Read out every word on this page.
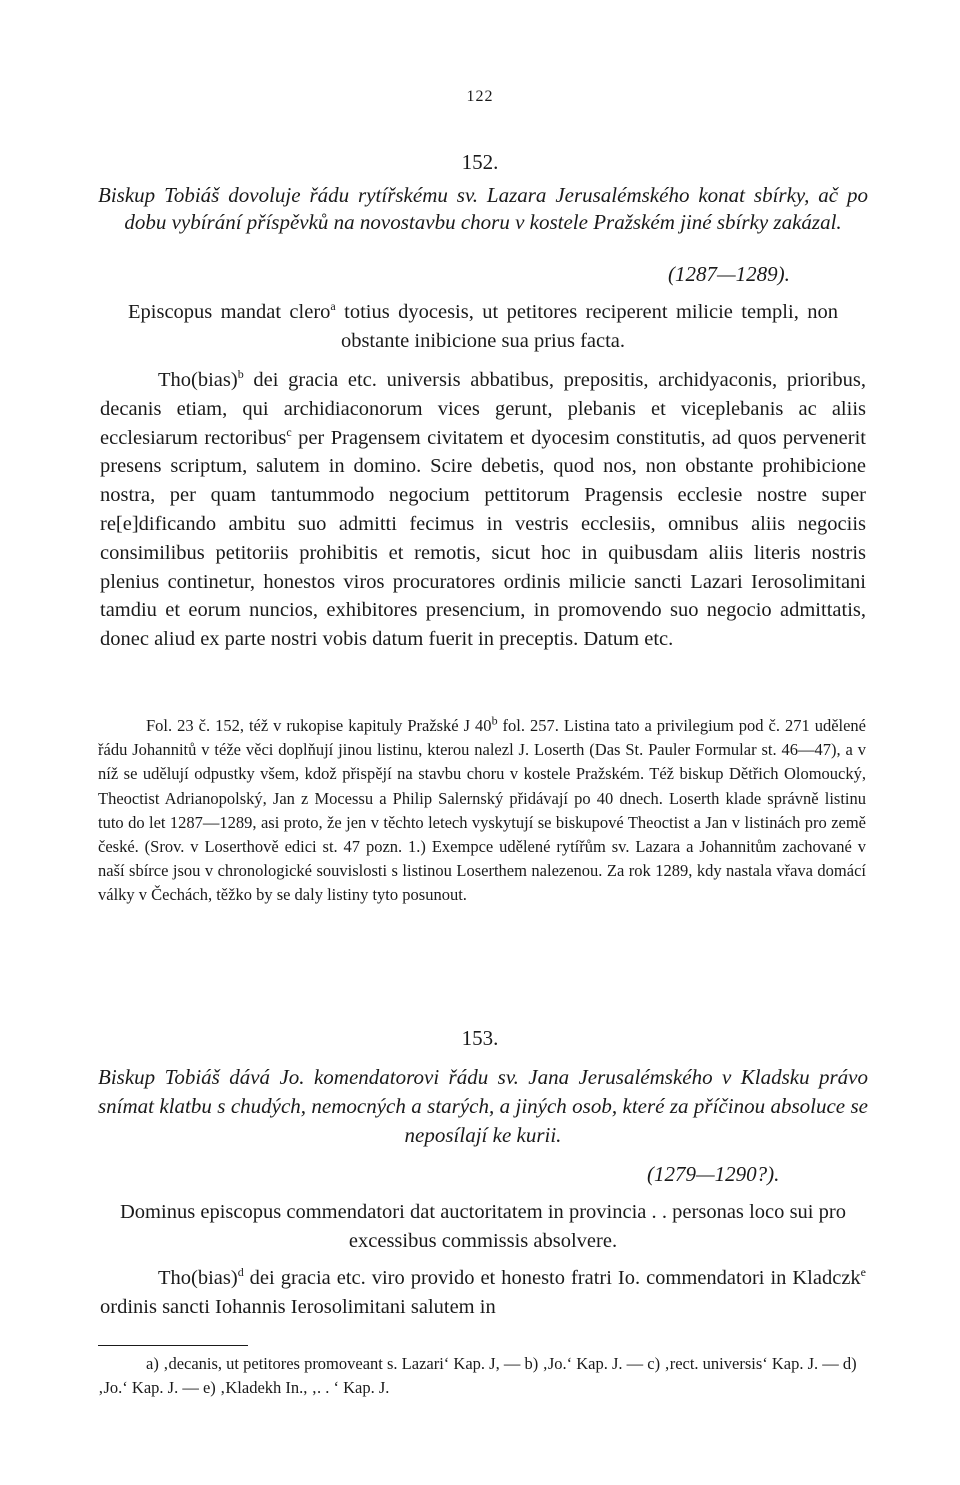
122
152.
Biskup Tobiáš dovoluje řádu rytířskému sv. Lazara Jerusalémského konat sbírky, ač po dobu vybírání příspěvků na novostavbu choru v kostele Pražském jiné sbírky zakázal.
(1287—1289).
Episcopus mandat clero$^a$ totius dyocesis, ut petitores reciperent milicie templi, non obstante inibicione sua prius facta.
Tho(bias)$^b$ dei gracia etc. universis abbatibus, prepositis, archidyaconis, prioribus, decanis etiam, qui archidiaconorum vices gerunt, plebanis et viceplebanis ac aliis ecclesiarum rectoribus$^c$ per Pragensem civitatem et dyocesim constitutis, ad quos pervenerit presens scriptum, salutem in domino. Scire debetis, quod nos, non obstante prohibicione nostra, per quam tantummodo negocium pettitorum Pragensis ecclesie nostre super re[e]dificando ambitu suo admitti fecimus in vestris ecclesiis, omnibus aliis negociis consimilibus petitoriis prohibitis et remotis, sicut hoc in quibusdam aliis literis nostris plenius continetur, honestos viros procuratores ordinis milicie sancti Lazari Ierosolimitani tamdiu et eorum nuncios, exhibitores presencium, in promovendo suo negocio admittatis, donec aliud ex parte nostri vobis datum fuerit in preceptis. Datum etc.
Fol. 23 č. 152, též v rukopise kapituly Pražské J 40$^b$ fol. 257. Listina tato a privilegium pod č. 271 udělené řádu Johannitů v téže věci doplňují jinou listinu, kterou nalezl J. Loserth (Das St. Pauler Formular st. 46—47), a v níž se udělují odpustky všem, kdož přispějí na stavbu choru v kostele Pražském. Též biskup Dětřich Olomoucký, Theoctist Adrianopolský, Jan z Mocessu a Philip Salernský přidávají po 40 dnech. Loserth klade správně listinu tuto do let 1287—1289, asi proto, že jen v těchto letech vyskytují se biskupové Theoctist a Jan v listinách pro země české. (Srov. v Loserthově edici st. 47 pozn. 1.) Exempce udělené rytířům sv. Lazara a Johannitům zachované v naší sbírce jsou v chronologické souvislosti s listinou Loserthem nalezenou. Za rok 1289, kdy nastala vřava domácí války v Čechách, těžko by se daly listiny tyto posunout.
153.
Biskup Tobiáš dává Jo. komendatorovi řádu sv. Jana Jerusalémského v Kladsku právo snímat klatbu s chudých, nemocných a starých, a jiných osob, které za příčinou absoluce se neposílají ke kurii.
(1279—1290?).
Dominus episcopus commendatori dat auctoritatem in provincia . . personas loco sui pro excessibus commissis absolvere.
Tho(bias)$^d$ dei gracia etc. viro provido et honesto fratri Io. commendatori in Kladczk$^e$ ordinis sancti Iohannis Ierosolimitani salutem in
a) ‚decanis, ut petitores promoveant s. Lazari‘ Kap. J, — b) ‚Jo.‘ Kap. J. — c) ‚rect. universis‘ Kap. J. — d) ‚Jo.‘ Kap. J. — e) ‚Kladekh In., ‚. . ‘ Kap. J.
